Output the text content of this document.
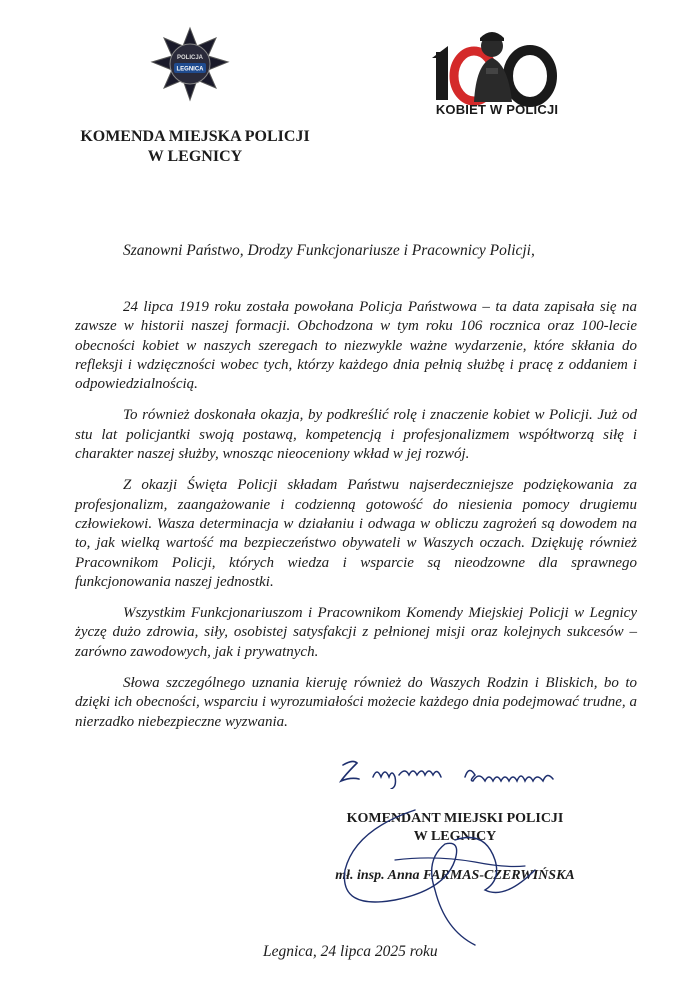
POLICJA
LEGNICA
KOBIET W POLICJI
KOMENDA MIEJSKA POLICJI
W LEGNICY
Szanowni Państwo, Drodzy Funkcjonariusze i Pracownicy Policji,

24 lipca 1919 roku została powołana Policja Państwowa – ta data zapisała się na zawsze w historii naszej formacji. Obchodzona w tym roku 106 rocznica oraz 100-lecie obecności kobiet w naszych szeregach to niezwykle ważne wydarzenie, które skłania do refleksji i wdzięczności wobec tych, którzy każdego dnia pełnią służbę i pracę z oddaniem i odpowiedzialnością.

To również doskonała okazja, by podkreślić rolę i znaczenie kobiet w Policji. Już od stu lat policjantki swoją postawą, kompetencją i profesjonalizmem współtworzą siłę i charakter naszej służby, wnosząc nieoceniony wkład w jej rozwój.

Z okazji Święta Policji składam Państwu najserdeczniejsze podziękowania za profesjonalizm, zaangażowanie i codzienną gotowość do niesienia pomocy drugiemu człowiekowi. Wasza determinacja w działaniu i odwaga w obliczu zagrożeń są dowodem na to, jak wielką wartość ma bezpieczeństwo obywateli w Waszych oczach. Dziękuję również Pracownikom Policji, których wiedza i wsparcie są nieodzowne dla sprawnego funkcjonowania naszej jednostki.

Wszystkim Funkcjonariuszom i Pracownikom Komendy Miejskiej Policji w Legnicy życzę dużo zdrowia, siły, osobistej satysfakcji z pełnionej misji oraz kolejnych sukcesów – zarówno zawodowych, jak i prywatnych.

Słowa szczególnego uznania kieruję również do Waszych Rodzin i Bliskich, bo to dzięki ich obecności, wsparciu i wyrozumiałości możecie każdego dnia podejmować trudne, a nierzadko niebezpieczne wyzwania.

KOMENDANT MIEJSKI POLICJI
W LEGNICY
mł. insp. Anna FARMAS-CZERWIŃSKA
Legnica, 24 lipca 2025 roku
